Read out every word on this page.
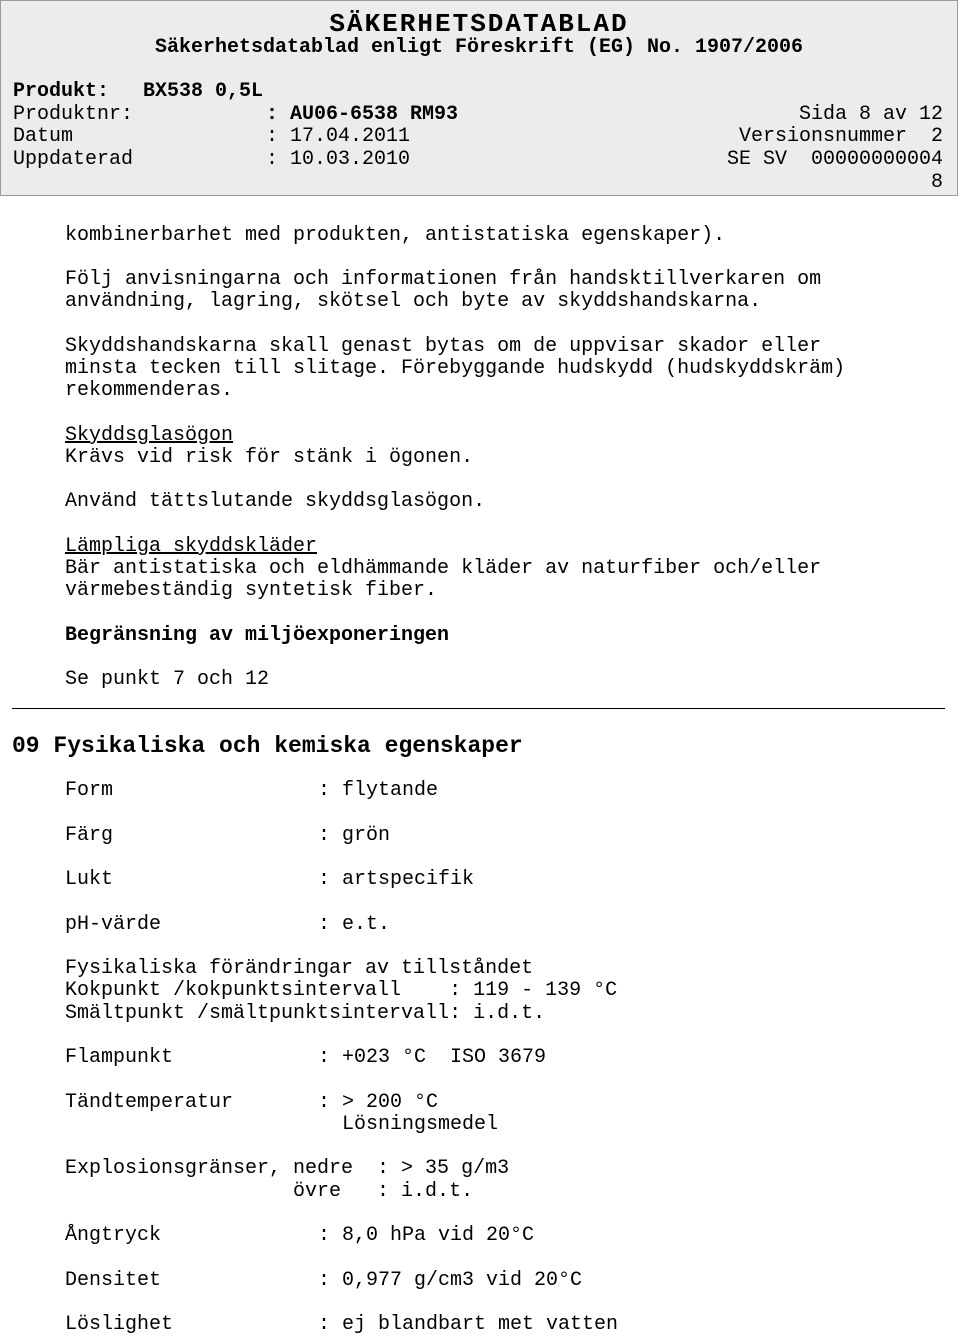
SÄKERHETSDATABLAD
Säkerhetsdatablad enligt Föreskrift (EG) No. 1907/2006
Produkt: BX538 0,5L
Produktnr:	: AU06-6538 RM93	Sida 8 av 12
Datum	: 17.04.2011	Versionsnummer  2
Uppdaterad	: 10.03.2010	SE SV  00000000004
8
kombinerbarhet med produkten, antistatiska egenskaper).
Följ anvisningarna och informationen från handsktillverkaren om
användning, lagring, skötsel och byte av skyddshandskarna.
Skyddshandskarna skall genast bytas om de uppvisar skador eller
minsta tecken till slitage. Förebyggande hudskydd (hudskyddskräm)
rekommenderas.
Skyddsglasögon
Krävs vid risk för stänk i ögonen.
Använd tättslutande skyddsglasögon.
Lämpliga skyddskläder
Bär antistatiska och eldhämmande kläder av naturfiber och/eller
värmebeständig syntetisk fiber.
Begränsning av miljöexponeringen
Se punkt 7 och 12
09 Fysikaliska och kemiska egenskaper
Form	: flytande
Färg	: grön
Lukt	: artspecifik
pH-värde	: e.t.
Fysikaliska förändringar av tillståndet
Kokpunkt /kokpunktsintervall    : 119 - 139 °C
Smältpunkt /smältpunktsintervall: i.d.t.
Flampunkt	: +023 °C  ISO 3679
Tändtemperatur	: > 200 °C
Lösningsmedel
Explosionsgränser, nedre  : > 35 g/m3
övre   : i.d.t.
Ångtryck	: 8,0 hPa vid 20°C
Densitet	: 0,977 g/cm3 vid 20°C
Löslighet	: ej blandbart met vatten
